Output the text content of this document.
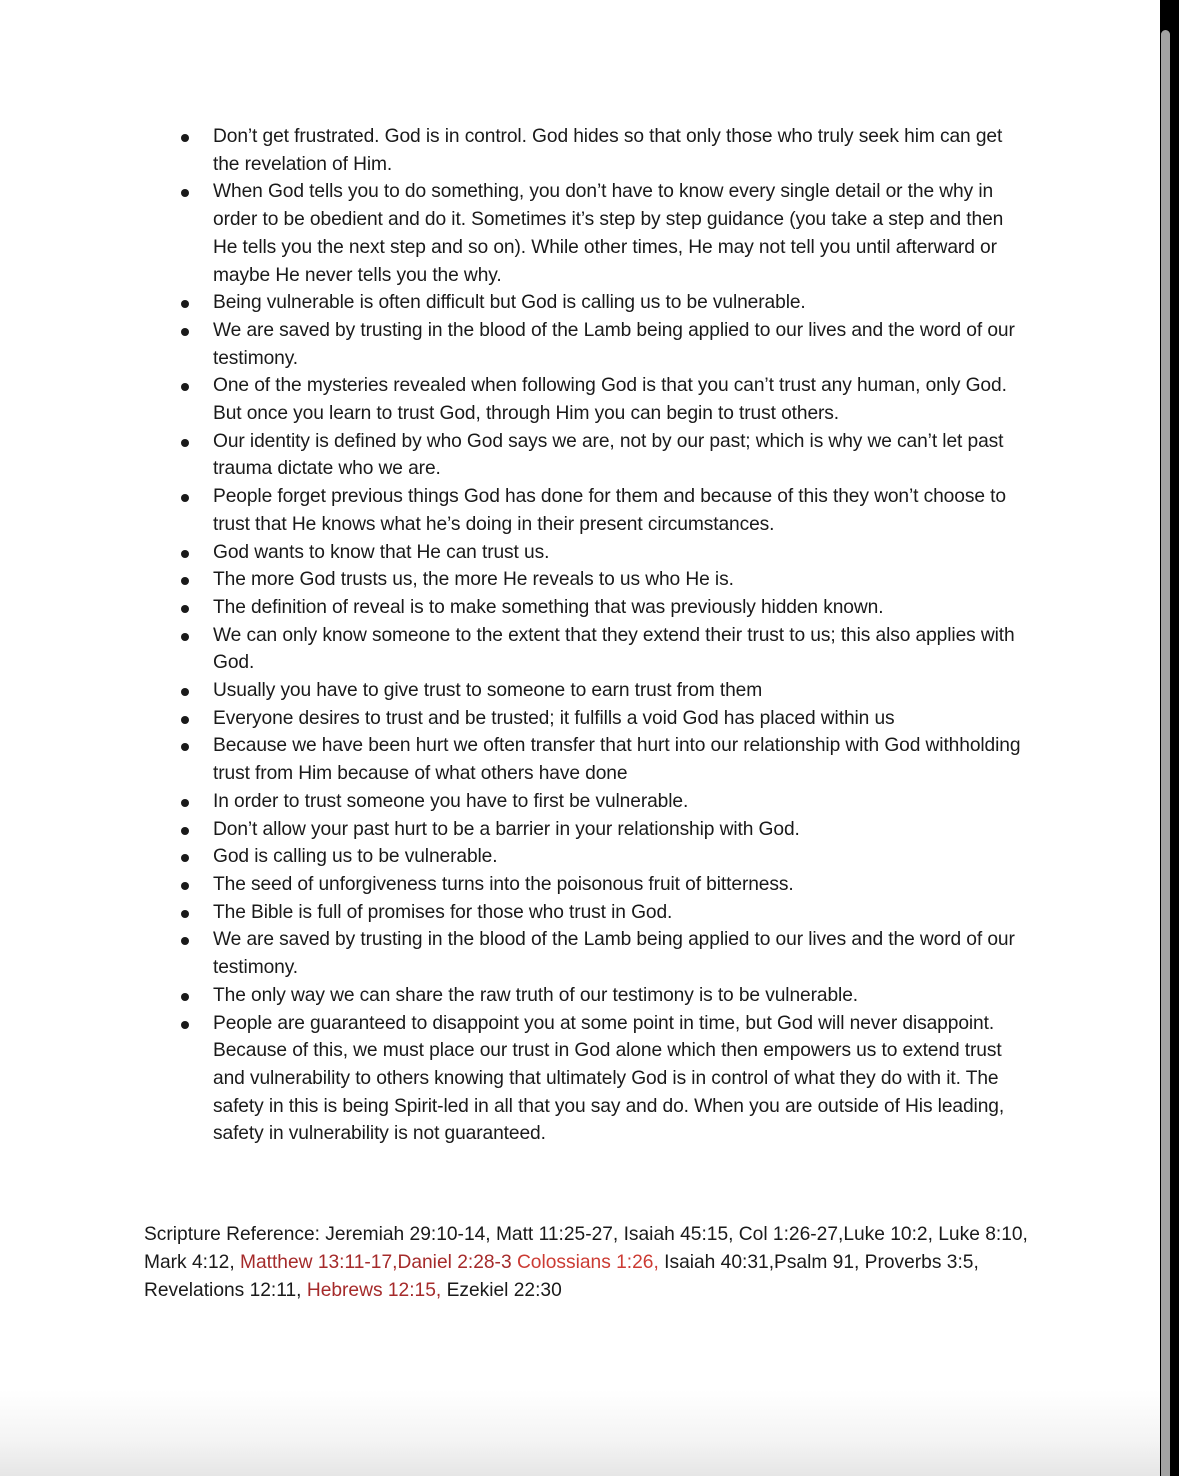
Don’t get frustrated. God is in control. God hides so that only those who truly seek him can get the revelation of Him.
When God tells you to do something, you don’t have to know every single detail or the why in order to be obedient and do it. Sometimes it’s step by step guidance (you take a step and then He tells you the next step and so on). While other times, He may not tell you until afterward or maybe He never tells you the why.
Being vulnerable is often difficult but God is calling us to be vulnerable.
We are saved by trusting in the blood of the Lamb being applied to our lives and the word of our testimony.
One of the mysteries revealed when following God is that you can’t trust any human, only God. But once you learn to trust God, through Him you can begin to trust others.
Our identity is defined by who God says we are, not by our past; which is why we can’t let past trauma dictate who we are.
People forget previous things God has done for them and because of this they won’t choose to trust that He knows what he’s doing in their present circumstances.
God wants to know that He can trust us.
The more God trusts us, the more He reveals to us who He is.
The definition of reveal is to make something that was previously hidden known.
We can only know someone to the extent that they extend their trust to us; this also applies with God.
Usually you have to give trust to someone to earn trust from them
Everyone desires to trust and be trusted; it fulfills a void God has placed within us
Because we have been hurt we often transfer that hurt into our relationship with God withholding trust from Him because of what others have done
In order to trust someone you have to first be vulnerable.
Don’t allow your past hurt to be a barrier in your relationship with God.
God is calling us to be vulnerable.
The seed of unforgiveness turns into the poisonous fruit of bitterness.
The Bible is full of promises for those who trust in God.
We are saved by trusting in the blood of the Lamb being applied to our lives and the word of our testimony.
The only way we can share the raw truth of our testimony is to be vulnerable.
People are guaranteed to disappoint you at some point in time, but God will never disappoint. Because of this, we must place our trust in God alone which then empowers us to extend trust and vulnerability to others knowing that ultimately God is in control of what they do with it. The safety in this is being Spirit-led in all that you say and do. When you are outside of His leading, safety in vulnerability is not guaranteed.

Scripture Reference: Jeremiah 29:10-14, Matt 11:25-27, Isaiah 45:15, Col 1:26-27,Luke 10:2, Luke 8:10, Mark 4:12, Matthew 13:11-17,Daniel 2:28-3 Colossians 1:26, Isaiah 40:31,Psalm 91, Proverbs 3:5, Revelations 12:11, Hebrews 12:15, Ezekiel 22:30
